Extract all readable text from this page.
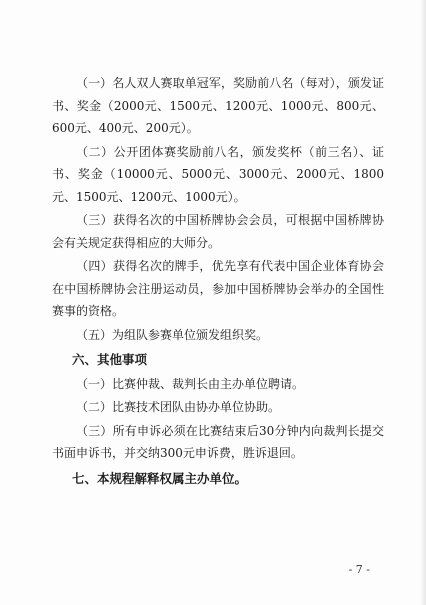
（一）名人双人赛取单冠军，奖励前八名（每对），颁发证书、奖金（2000元、1500元、1200元、1000元、800元、600元、400元、200元）。

（二）公开团体赛奖励前八名，颁发奖杯（前三名）、证书、奖金（10000元、5000元、3000元、2000元、1800元、1500元、1200元、1000元）。

（三）获得名次的中国桥牌协会会员，可根据中国桥牌协会有关规定获得相应的大师分。

（四）获得名次的牌手，优先享有代表中国企业体育协会在中国桥牌协会注册运动员，参加中国桥牌协会举办的全国性赛事的资格。

（五）为组队参赛单位颁发组织奖。

六、其他事项

（一）比赛仲裁、裁判长由主办单位聘请。

（二）比赛技术团队由协办单位协助。

（三）所有申诉必须在比赛结束后30分钟内向裁判长提交书面申诉书，并交纳300元申诉费，胜诉退回。

七、本规程解释权属主办单位。
- 7 -
